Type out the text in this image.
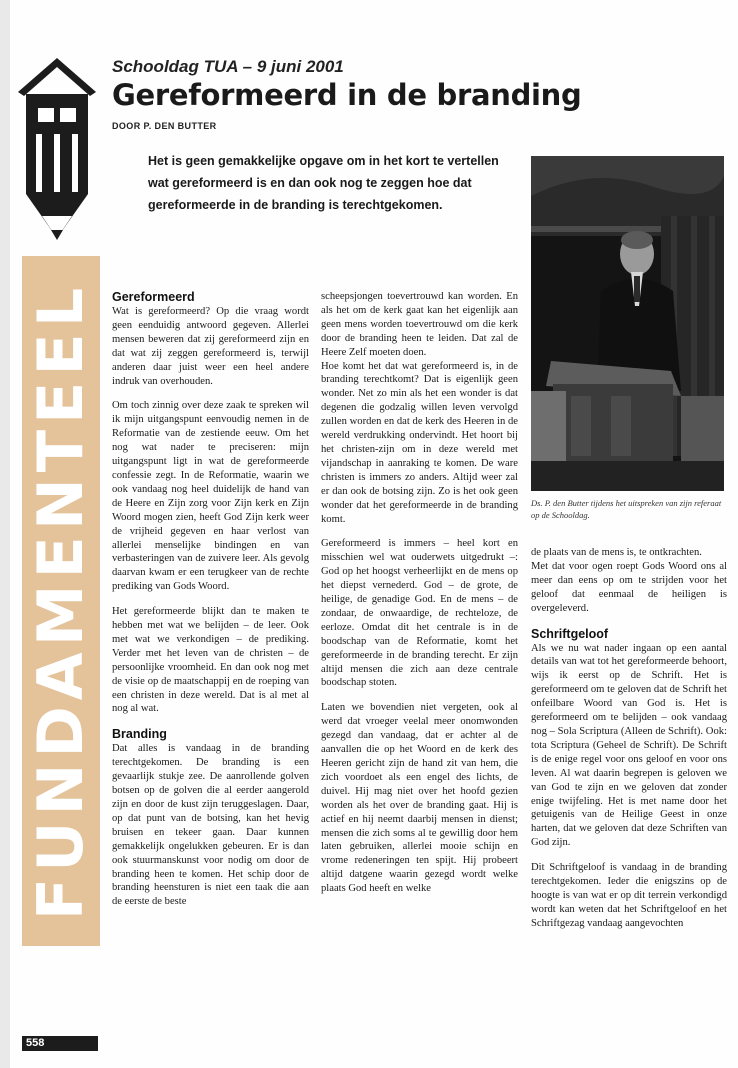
FUNDAMENTEEL
Schooldag TUA – 9 juni 2001
Gereformeerd in de branding
DOOR P. DEN BUTTER

Het is geen gemakkelijke opgave om in het kort te vertellen wat gereformeerd is en dan ook nog te zeggen hoe dat gereformeerde in de branding is terechtgekomen.

Ds. P. den Butter tijdens het uitspreken van zijn referaat op de Schooldag.

Gereformeerd

Wat is gereformeerd? Op die vraag wordt geen eenduidig antwoord gegeven. Allerlei mensen beweren dat zij gereformeerd zijn en dat wat zij zeggen gereformeerd is, terwijl anderen daar juist weer een heel andere indruk van overhouden.

Om toch zinnig over deze zaak te spreken wil ik mijn uitgangspunt eenvoudig nemen in de Reformatie van de zestiende eeuw. Om het nog wat nader te preciseren: mijn uitgangspunt ligt in wat de gereformeerde confessie zegt. In de Reformatie, waarin we ook vandaag nog heel duidelijk de hand van de Heere en Zijn zorg voor Zijn kerk en Zijn Woord mogen zien, heeft God Zijn kerk weer de vrijheid gegeven en haar verlost van allerlei menselijke bindingen en van verbasteringen van de zuivere leer. Als gevolg daarvan kwam er een terugkeer van de rechte prediking van Gods Woord.

Het gereformeerde blijkt dan te maken te hebben met wat we belijden – de leer. Ook met wat we verkondigen – de prediking. Verder met het leven van de christen – de persoonlijke vroomheid. En dan ook nog met de visie op de maatschappij en de roeping van een christen in deze wereld. Dat is al met al nog al wat.

Branding

Dat alles is vandaag in de branding terechtgekomen. De branding is een gevaarlijk stukje zee. De aanrollende golven botsen op de golven die al eerder aangerold zijn en door de kust zijn teruggeslagen. Daar, op dat punt van de botsing, kan het hevig bruisen en tekeer gaan. Daar kunnen gemakkelijk ongelukken gebeuren. Er is dan ook stuurmanskunst voor nodig om door de branding heen te komen. Het schip door de branding heensturen is niet een taak die aan de eerste de beste

scheepsjongen toevertrouwd kan worden. En als het om de kerk gaat kan het eigenlijk aan geen mens worden toevertrouwd om die kerk door de branding heen te leiden. Dat zal de Heere Zelf moeten doen.

Hoe komt het dat wat gereformeerd is, in de branding terechtkomt? Dat is eigenlijk geen wonder. Net zo min als het een wonder is dat degenen die godzalig willen leven vervolgd zullen worden en dat de kerk des Heeren in de wereld verdrukking ondervindt. Het hoort bij het christen-zijn om in deze wereld met vijandschap in aanraking te komen. De ware christen is immers zo anders. Altijd weer zal er dan ook de botsing zijn. Zo is het ook geen wonder dat het gereformeerde in de branding komt.

Gereformeerd is immers – heel kort en misschien wel wat ouderwets uitgedrukt –: God op het hoogst verheerlijkt en de mens op het diepst vernederd. God – de grote, de heilige, de genadige God. En de mens – de zondaar, de onwaardige, de rechteloze, de eerloze. Omdat dit het centrale is in de boodschap van de Reformatie, komt het gereformeerde in de branding terecht. Er zijn altijd mensen die zich aan deze centrale boodschap stoten.

Laten we bovendien niet vergeten, ook al werd dat vroeger veelal meer onomwonden gezegd dan vandaag, dat er achter al de aanvallen die op het Woord en de kerk des Heeren gericht zijn de hand zit van hem, die zich voordoet als een engel des lichts, de duivel. Hij mag niet over het hoofd gezien worden als het over de branding gaat. Hij is actief en hij neemt daarbij mensen in dienst; mensen die zich soms al te gewillig door hem laten gebruiken, allerlei mooie schijn en vrome redeneringen ten spijt. Hij probeert altijd datgene waarin gezegd wordt welke plaats God heeft en welke

de plaats van de mens is, te ontkrachten.

Met dat voor ogen roept Gods Woord ons al meer dan eens op om te strijden voor het geloof dat eenmaal de heiligen is overgeleverd.

Schriftgeloof

Als we nu wat nader ingaan op een aantal details van wat tot het gereformeerde behoort, wijs ik eerst op de Schrift. Het is gereformeerd om te geloven dat de Schrift het onfeilbare Woord van God is. Het is gereformeerd om te belijden – ook vandaag nog – Sola Scriptura (Alleen de Schrift). Ook: tota Scriptura (Geheel de Schrift). De Schrift is de enige regel voor ons geloof en voor ons leven. Al wat daarin begrepen is geloven we van God te zijn en we geloven dat zonder enige twijfeling. Het is met name door het getuigenis van de Heilige Geest in onze harten, dat we geloven dat deze Schriften van God zijn.

Dit Schriftgeloof is vandaag in de branding terechtgekomen. Ieder die enigszins op de hoogte is van wat er op dit terrein verkondigd wordt kan weten dat het Schriftgeloof en het Schriftgezag vandaag aangevochten

558
